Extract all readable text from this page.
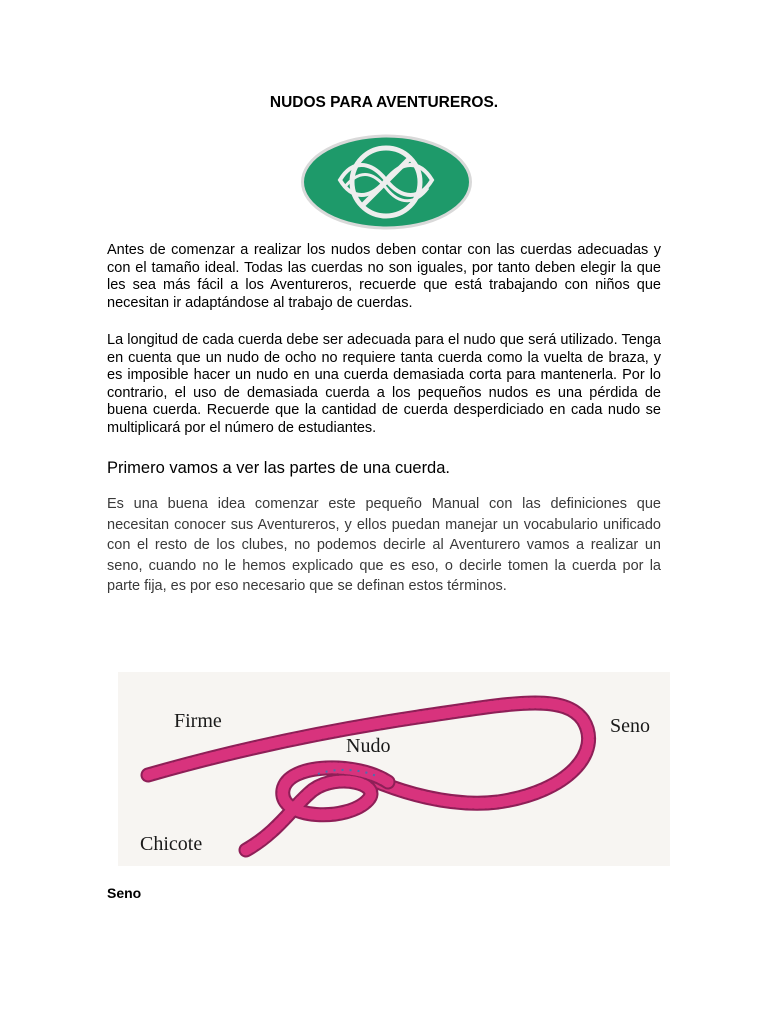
NUDOS PARA AVENTUREROS.
Antes de comenzar a realizar los nudos deben contar con las cuerdas adecuadas y con el tamaño ideal. Todas las cuerdas no son iguales, por tanto deben elegir la que les sea más fácil a los Aventureros, recuerde que está trabajando con niños que necesitan ir adaptándose al trabajo de cuerdas.
La longitud de cada cuerda debe ser adecuada para el nudo que será utilizado. Tenga en cuenta que un nudo de ocho no requiere tanta cuerda como la vuelta de braza, y es imposible hacer un nudo en una cuerda demasiada corta para mantenerla. Por lo contrario, el uso de demasiada cuerda a los pequeños nudos es una pérdida de buena cuerda. Recuerde que la cantidad de cuerda desperdiciado en cada nudo se multiplicará por el número de estudiantes.
Primero vamos a ver las partes de una cuerda.
Es una buena idea comenzar este pequeño Manual con las definiciones que necesitan conocer sus Aventureros, y ellos puedan manejar un vocabulario unificado con el resto de los clubes, no podemos decirle al Aventurero vamos a realizar un seno, cuando no le hemos explicado que es eso, o decirle tomen la cuerda por la parte fija, es por eso necesario que se definan estos términos.
Firme
Nudo
Seno
Chicote
Seno
